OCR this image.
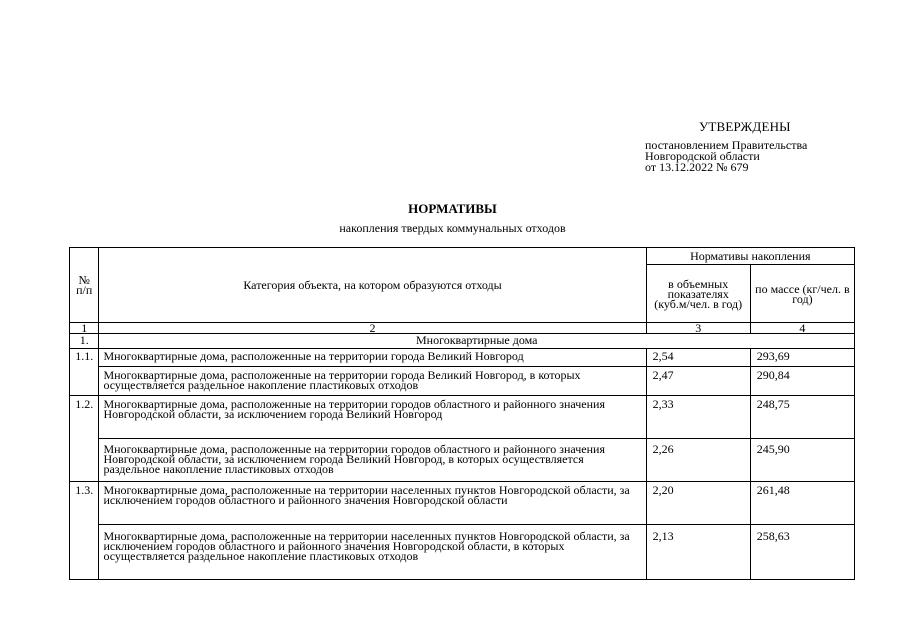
УТВЕРЖДЕНЫ
постановлением Правительства
Новгородской области
от 13.12.2022 № 679
НОРМАТИВЫ
накопления твердых коммунальных отходов
№ п/п	Категория объекта, на котором образуются отходы	Нормативы накопления	
		в объемных показателях (куб.м/чел. в год)	по массе (кг/чел. в год)
1	2	3	4
1.	Многоквартирные дома		
1.1.	Многоквартирные дома, расположенные на территории города Великий Новгород	2,54	293,69
	Многоквартирные дома, расположенные на территории города Великий Новгород, в которых осуществляется раздельное накопление пластиковых отходов	2,47	290,84
1.2.	Многоквартирные дома, расположенные на территории городов областного и районного значения Новгородской области, за исключением города Великий Новгород	2,33	248,75
	Многоквартирные дома, расположенные на территории городов областного и районного значения Новгородской области, за исключением города Великий Новгород, в которых осуществляется раздельное накопление пластиковых отходов	2,26	245,90
1.3.	Многоквартирные дома, расположенные на территории населенных пунктов Новгородской области, за исключением городов областного и районного значения Новгородской области	2,20	261,48
	Многоквартирные дома, расположенные на территории населенных пунктов Новгородской области, за исключением городов областного и районного значения Новгородской области, в которых осуществляется раздельное накопление пластиковых отходов	2,13	258,63
